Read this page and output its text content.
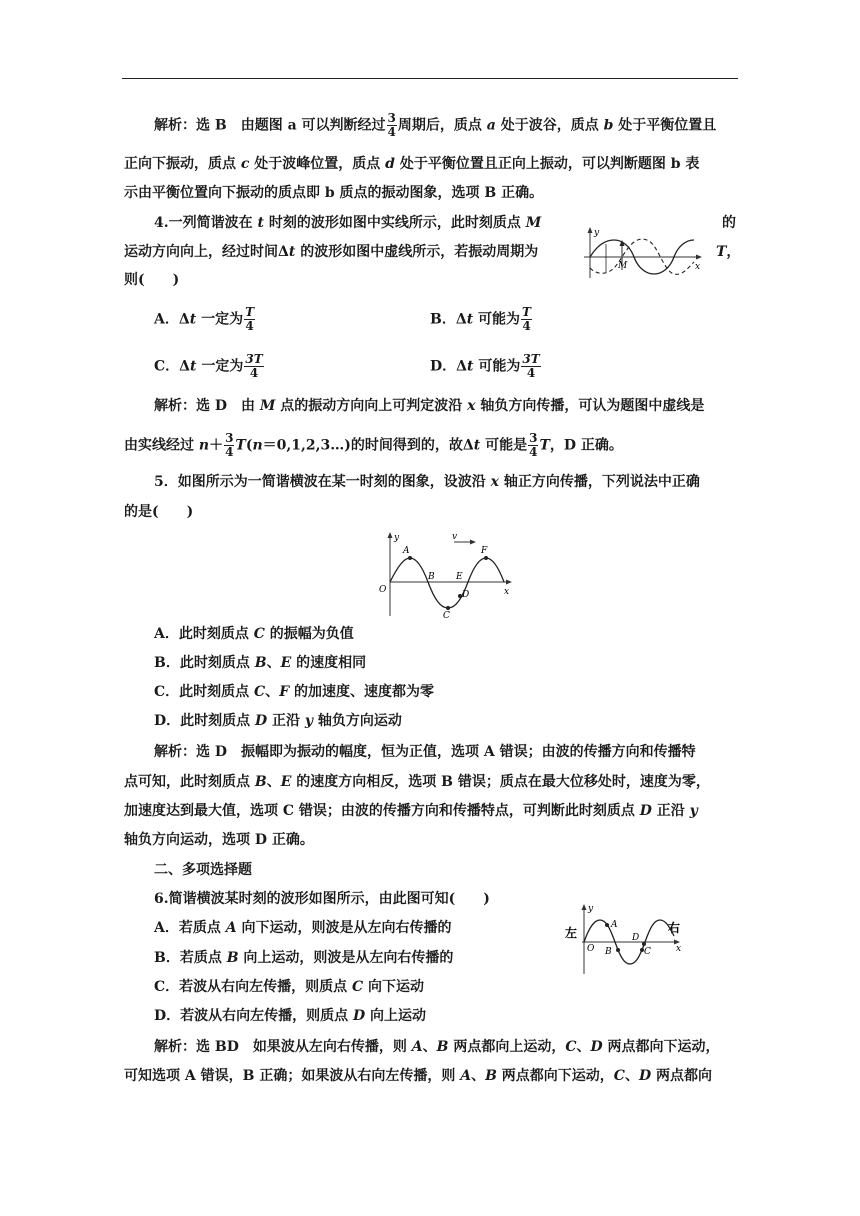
解析：选 B　由题图 a 可以判断经过 $\frac{3}{4}$ 周期后，质点 a 处于波谷，质点 b 处于平衡位置且
正向下振动，质点 c 处于波峰位置，质点 d 处于平衡位置且正向上振动，可以判断题图 b 表
示由平衡位置向下振动的质点即 b 质点的振动图象，选项 B 正确。
4.一列简谐波在 t 时刻的波形如图中实线所示，此时刻质点 M	的
运动方向向上，经过时间Δt 的波形如图中虚线所示，若振动周期为	T，
则(　　)
y
x
M
A．Δt 一定为 $\frac{T}{4}$	B．Δt 可能为 $\frac{T}{4}$
C．Δt 一定为 $\frac{3T}{4}$	D．Δt 可能为 $\frac{3T}{4}$
解析：选 D　由 M 点的振动方向向上可判定波沿 x 轴负方向传播，可认为题图中虚线是
由实线经过 $n+ \frac{3}{4}$ T(n＝0,1,2,3…)的时间得到的，故Δt 可能是 $\frac{3}{4}$ T，D 正确。
5．如图所示为一简谐横波在某一时刻的图象，设波沿 x 轴正方向传播，下列说法中正确
的是(　　)
y
x
O
v
A
B
C
D
E
F
A．此时刻质点 C 的振幅为负值
B．此时刻质点 B、E 的速度相同
C．此时刻质点 C、F 的加速度、速度都为零
D．此时刻质点 D 正沿 y 轴负方向运动
解析：选 D　振幅即为振动的幅度，恒为正值，选项 A 错误；由波的传播方向和传播特
点可知，此时刻质点 B、E 的速度方向相反，选项 B 错误；质点在最大位移处时，速度为零，
加速度达到最大值，选项 C 错误；由波的传播方向和传播特点，可判断此时刻质点 D 正沿 y
轴负方向运动，选项 D 正确。
二、多项选择题
6.简谐横波某时刻的波形如图所示，由此图可知(　　)
A．若质点 A 向下运动，则波是从左向右传播的
B．若质点 B 向上运动，则波是从左向右传播的
C．若波从右向左传播，则质点 C 向下运动
D．若波从右向左传播，则质点 D 向上运动
y
x
左	右
O
A
B	C
D
解析：选 BD　如果波从左向右传播，则 A、B 两点都向上运动，C、D 两点都向下运动，
可知选项 A 错误，B 正确；如果波从右向左传播，则 A、B 两点都向下运动，C、D 两点都向
